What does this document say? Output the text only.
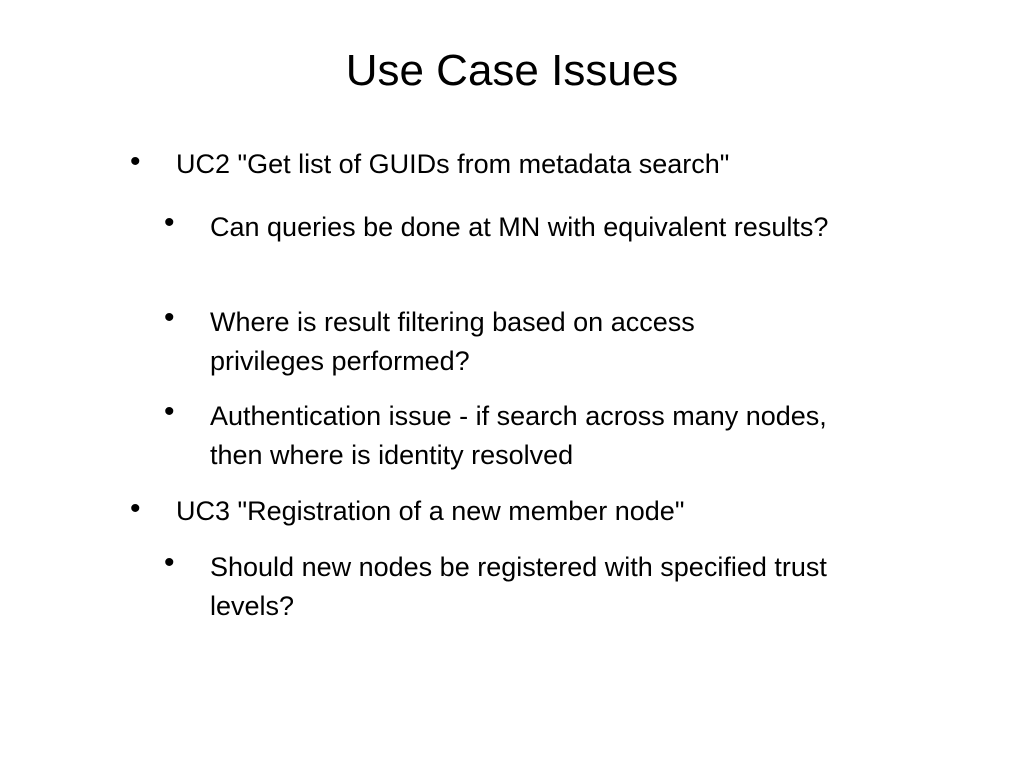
Use Case Issues
• UC2 "Get list of GUIDs from metadata search"
• Can queries be done at MN with equivalent results?
• Where is result filtering based on access privileges performed?
• Authentication issue - if search across many nodes, then where is identity resolved
• UC3 "Registration of a new member node"
• Should new nodes be registered with specified trust levels?
